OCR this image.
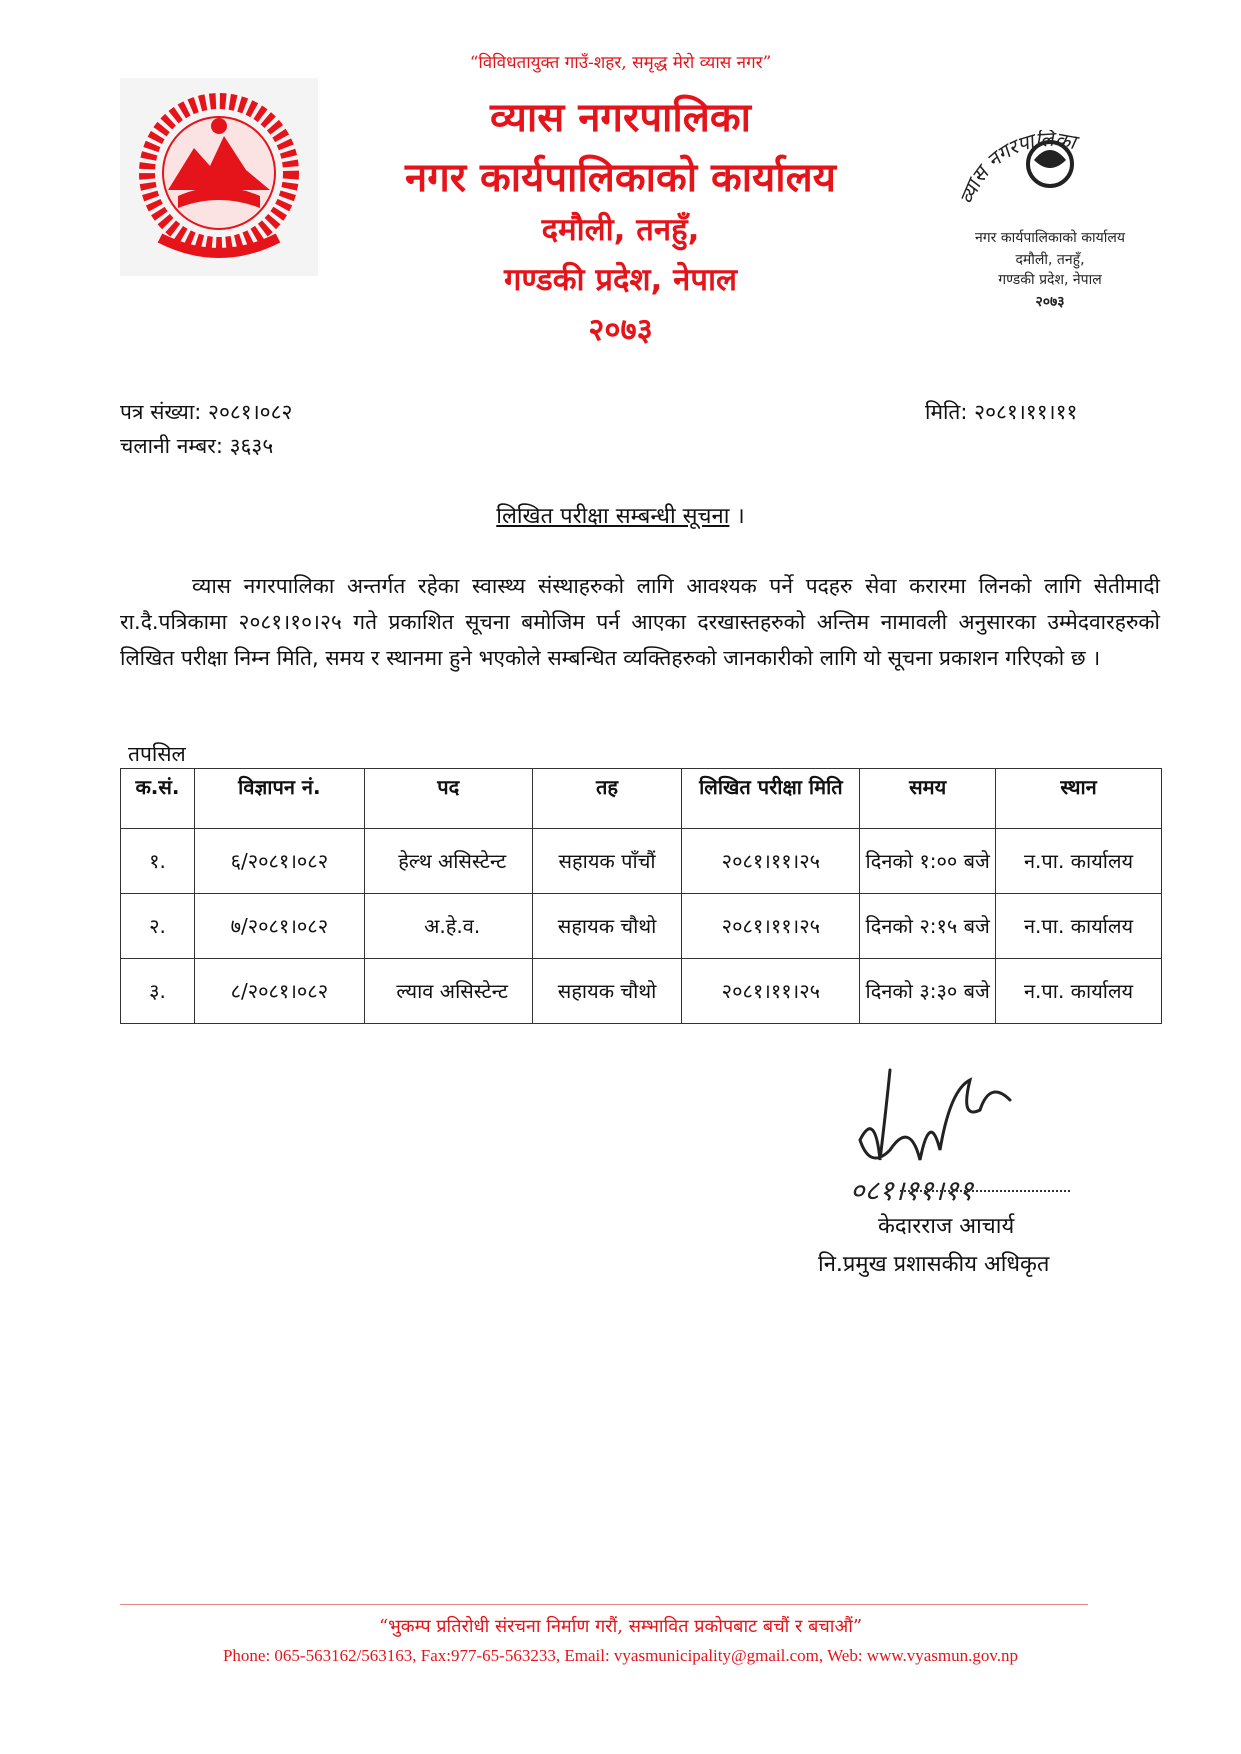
“विविधतायुक्त गाउँ-शहर, समृद्ध मेरो व्यास नगर”
व्यास नगरपालिका
नगर कार्यपालिकाको कार्यालय
दमौली, तनहुँ,
गण्डकी प्रदेश, नेपाल
२०७३
व्यास नगरपालिका
नगर कार्यपालिकाको कार्यालय
दमौली, तनहुँ,
गण्डकी प्रदेश, नेपाल
२०७३
पत्र संख्या: २०८१।०८२
चलानी नम्बर: ३६३५
मिति: २०८१।११।११
लिखित परीक्षा सम्बन्धी सूचना ।
व्यास नगरपालिका अन्तर्गत रहेका स्वास्थ्य संस्थाहरुको लागि आवश्यक पर्ने पदहरु सेवा करारमा लिनको लागि सेतीमादी रा.दै.पत्रिकामा २०८१।१०।२५ गते प्रकाशित सूचना बमोजिम पर्न आएका दरखास्तहरुको अन्तिम नामावली अनुसारका उम्मेदवारहरुको लिखित परीक्षा निम्न मिति, समय र स्थानमा हुने भएकोले सम्बन्धित व्यक्तिहरुको जानकारीको लागि यो सूचना प्रकाशन गरिएको छ ।
तपसिल
क.सं.	विज्ञापन नं.	पद	तह	लिखित परीक्षा मिति	समय	स्थान
१.	६/२०८१।०८२	हेल्थ असिस्टेन्ट	सहायक पाँचौं	२०८१।११।२५	दिनको १:०० बजे	न.पा. कार्यालय
२.	७/२०८१।०८२	अ.हे.व.	सहायक चौथो	२०८१।११।२५	दिनको २:१५ बजे	न.पा. कार्यालय
३.	८/२०८१।०८२	ल्याव असिस्टेन्ट	सहायक चौथो	२०८१।११।२५	दिनको ३:३० बजे	न.पा. कार्यालय
०८१।११।११
केदारराज आचार्य
नि.प्रमुख प्रशासकीय अधिकृत
“भुकम्प प्रतिरोधी संरचना निर्माण गरौं, सम्भावित प्रकोपबाट बचौं र बचाऔं”
Phone: 065-563162/563163, Fax:977-65-563233, Email: vyasmunicipality@gmail.com, Web: www.vyasmun.gov.np
